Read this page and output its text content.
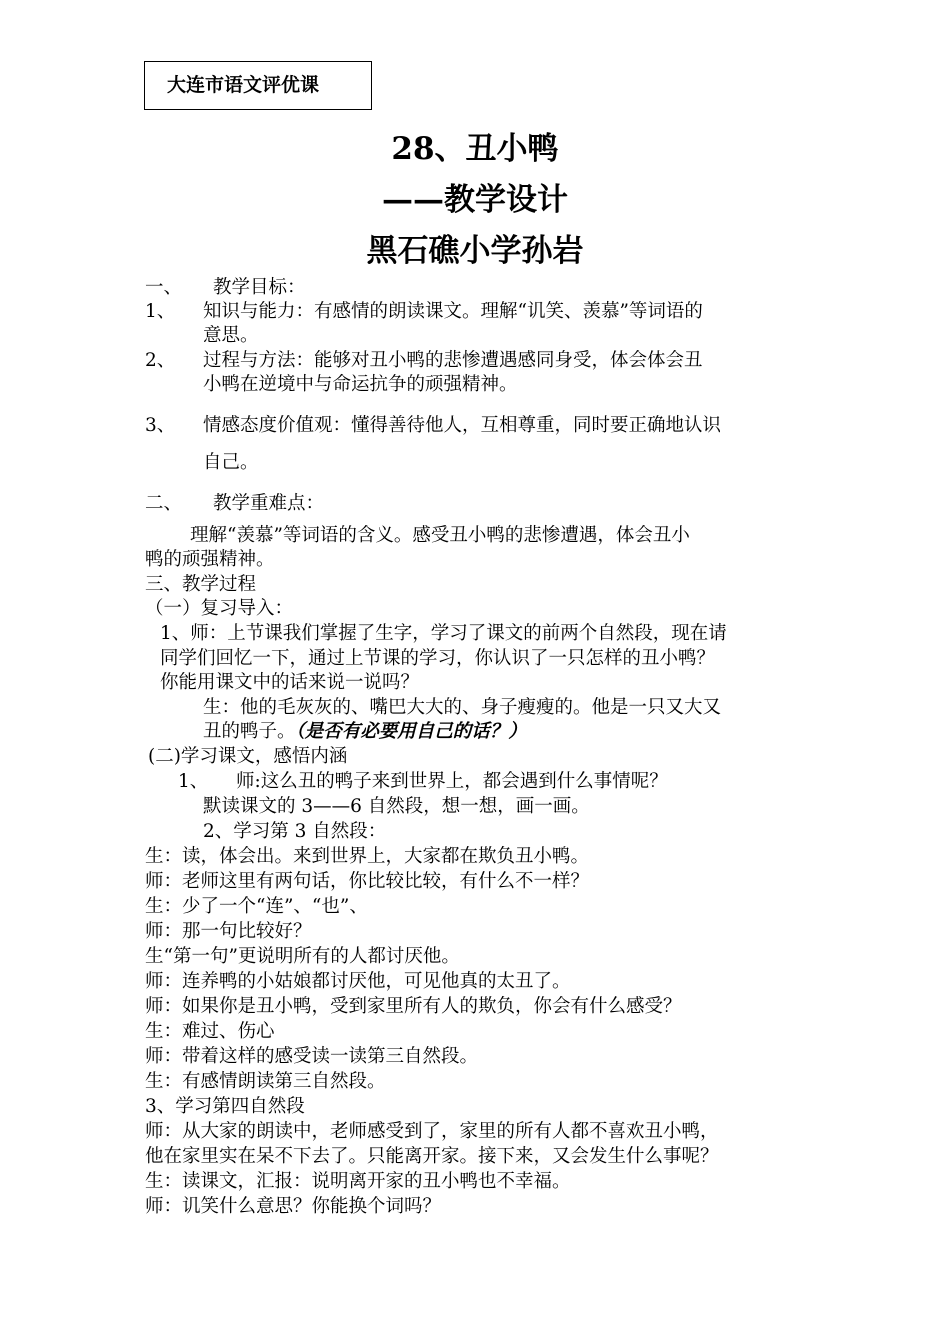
大连市语文评优课
28、丑小鸭
——教学设计
黑石礁小学孙岩
一、 教学目标：
1、 知识与能力：有感情的朗读课文。理解“讥笑、羡慕”等词语的
意思。
2、 过程与方法：能够对丑小鸭的悲惨遭遇感同身受，体会体会丑
小鸭在逆境中与命运抗争的顽强精神。
3、 情感态度价值观：懂得善待他人，互相尊重，同时要正确地认识
自己。
二、 教学重难点：
理解“羡慕”等词语的含义。感受丑小鸭的悲惨遭遇，体会丑小
鸭的顽强精神。
三、教学过程
（一）复习导入：
1、师：上节课我们掌握了生字，学习了课文的前两个自然段，现在请
同学们回忆一下，通过上节课的学习，你认识了一只怎样的丑小鸭？
你能用课文中的话来说一说吗？
生：他的毛灰灰的、嘴巴大大的、身子瘦瘦的。他是一只又大又
丑的鸭子。（是否有必要用自己的话？）
(二)学习课文，感悟内涵
1、 师:这么丑的鸭子来到世界上，都会遇到什么事情呢？
默读课文的 3——6 自然段，想一想，画一画。
2、学习第 3 自然段：
生：读，体会出。来到世界上，大家都在欺负丑小鸭。
师：老师这里有两句话，你比较比较，有什么不一样？
生：少了一个“连”、“也”、
师：那一句比较好？
生“第一句”更说明所有的人都讨厌他。
师：连养鸭的小姑娘都讨厌他，可见他真的太丑了。
师：如果你是丑小鸭，受到家里所有人的欺负，你会有什么感受？
生：难过、伤心
师：带着这样的感受读一读第三自然段。
生：有感情朗读第三自然段。
3、学习第四自然段
师：从大家的朗读中，老师感受到了，家里的所有人都不喜欢丑小鸭，
他在家里实在呆不下去了。只能离开家。接下来，又会发生什么事呢？
生：读课文，汇报：说明离开家的丑小鸭也不幸福。
师：讥笑什么意思？你能换个词吗？
